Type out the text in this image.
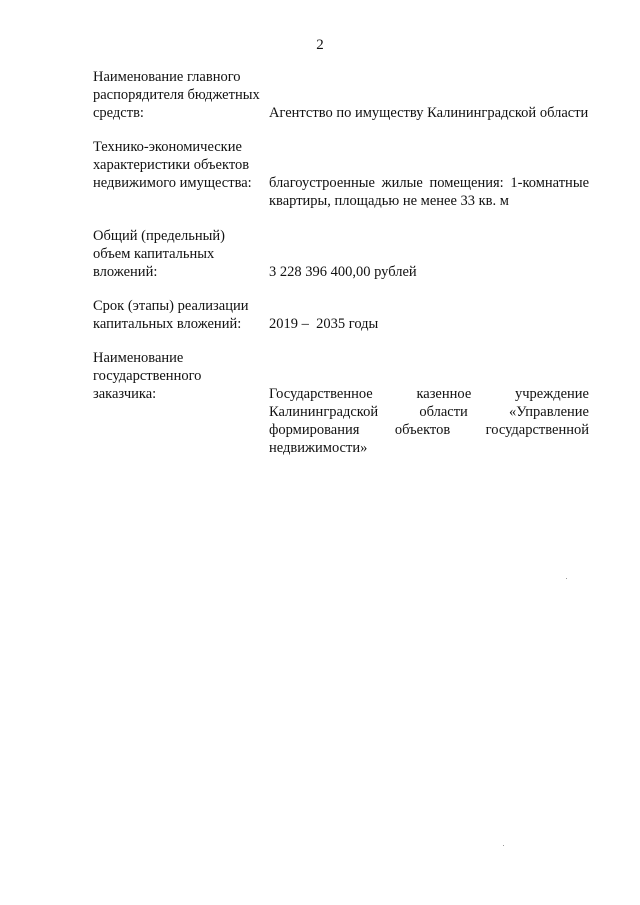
2
Наименование главного
распорядителя бюджетных
средств:	Агентство по имуществу Калининградской области
Технико-экономические
характеристики объектов
недвижимого имущества:	благоустроенные жилые помещения: 1-комнатные
квартиры, площадью не менее 33 кв. м
Общий (предельный)
объем капитальных
вложений:	3 228 396 400,00 рублей
Срок (этапы) реализации
капитальных вложений:	2019 –  2035 годы
Наименование
государственного
заказчика:	Государственное казенное учреждение
Калининградской области «Управление
формирования объектов государственной
недвижимости»
